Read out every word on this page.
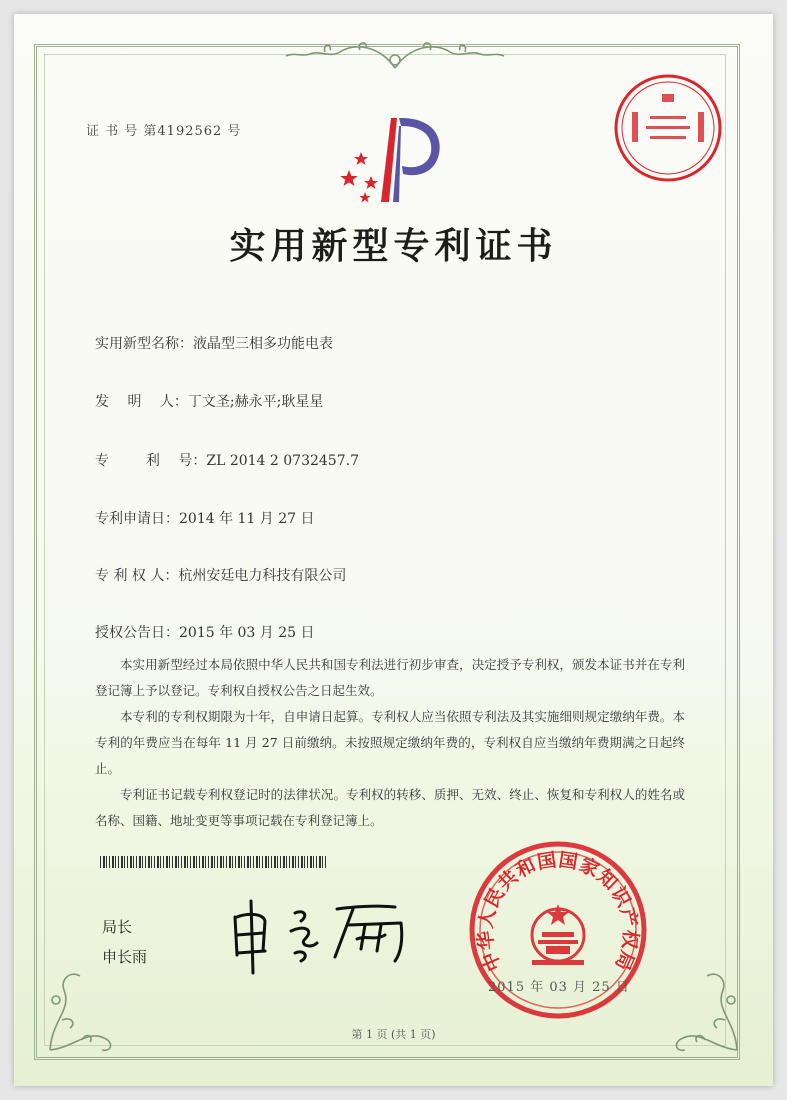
证 书 号 第4192562 号
实用新型专利证书
实用新型名称：液晶型三相多功能电表
发　 明　 人：丁文圣;赫永平;耿星星
专　 　 利　 号：ZL 2014 2 0732457.7
专利申请日：2014 年 11 月 27 日
专 利 权 人：杭州安廷电力科技有限公司
授权公告日：2015 年 03 月 25 日

本实用新型经过本局依照中华人民共和国专利法进行初步审查，决定授予专利权，颁发本证书并在专利登记簿上予以登记。专利权自授权公告之日起生效。

本专利的专利权期限为十年，自申请日起算。专利权人应当依照专利法及其实施细则规定缴纳年费。本专利的年费应当在每年 11 月 27 日前缴纳。未按照规定缴纳年费的，专利权自应当缴纳年费期满之日起终止。

专利证书记载专利权登记时的法律状况。专利权的转移、质押、无效、终止、恢复和专利权人的姓名或名称、国籍、地址变更等事项记载在专利登记簿上。

局长
申长雨	中华人民共和国国家知识产权局
2015 年 03 月 25 日
第 1 页 (共 1 页)
